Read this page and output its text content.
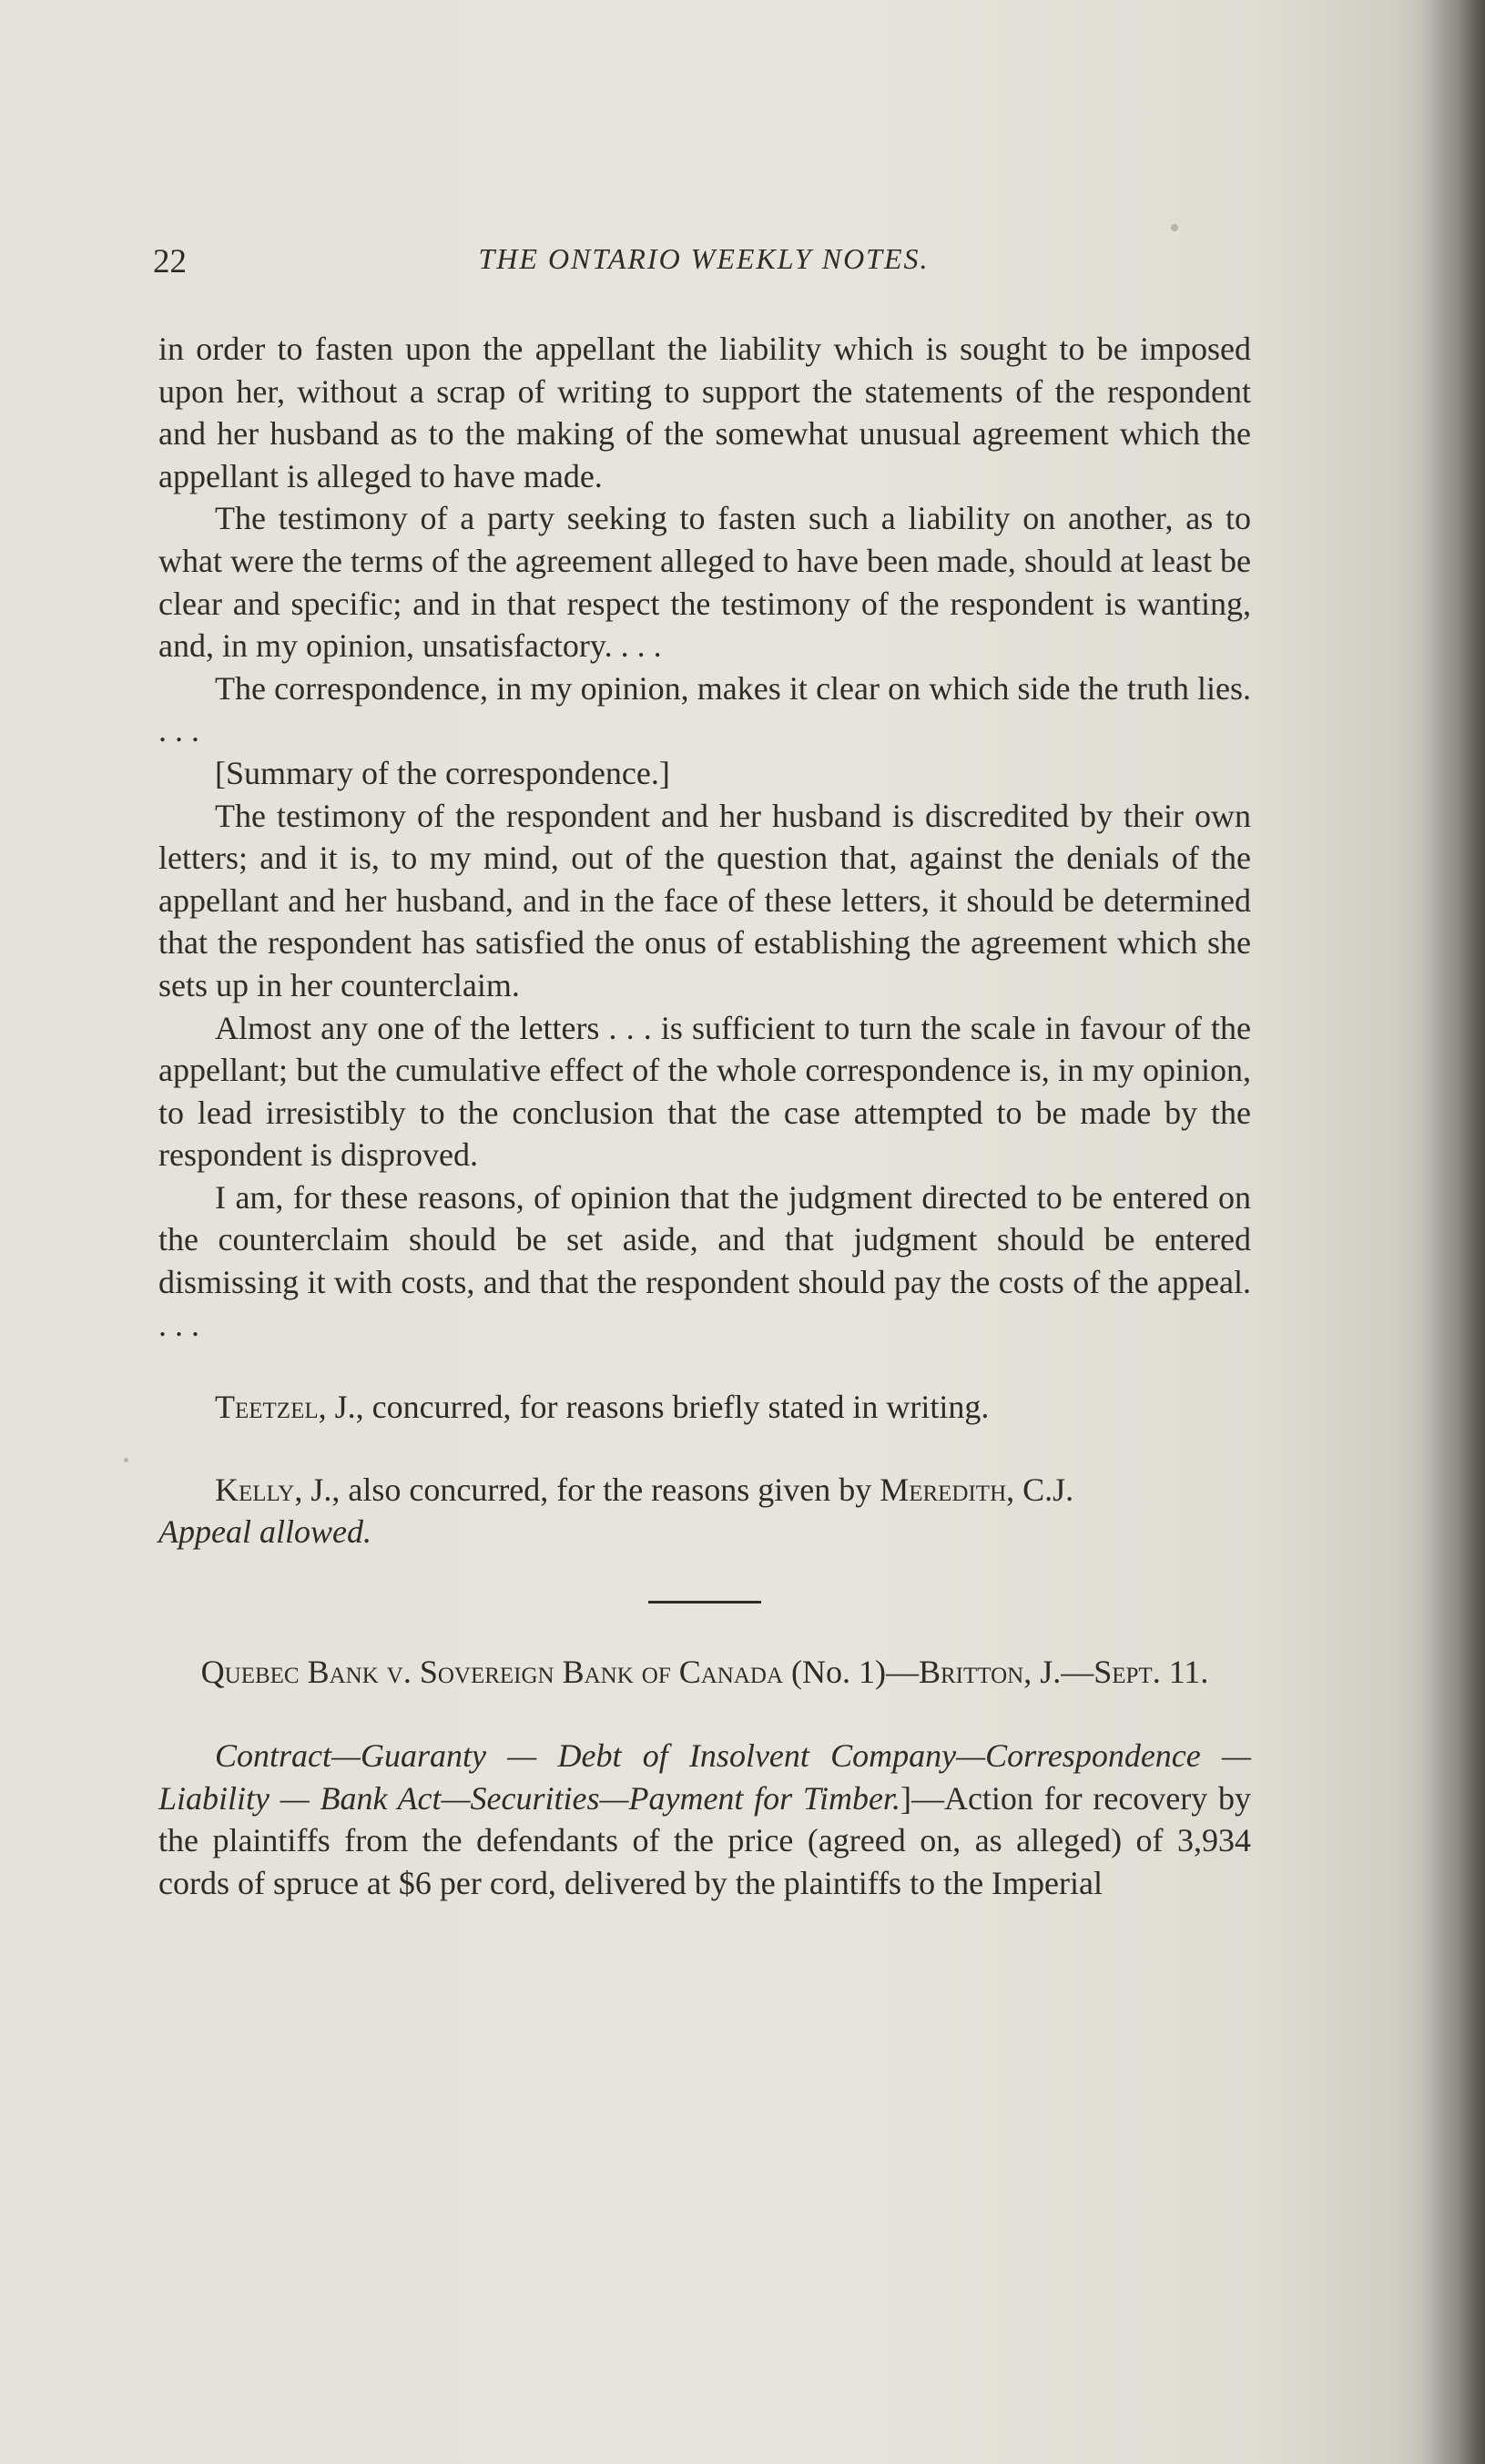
22	THE ONTARIO WEEKLY NOTES.

in order to fasten upon the appellant the liability which is sought to be imposed upon her, without a scrap of writing to support the statements of the respondent and her husband as to the making of the somewhat unusual agreement which the appellant is alleged to have made.

The testimony of a party seeking to fasten such a liability on another, as to what were the terms of the agreement alleged to have been made, should at least be clear and specific; and in that respect the testimony of the respondent is wanting, and, in my opinion, unsatisfactory. . . .

The correspondence, in my opinion, makes it clear on which side the truth lies. . . .

[Summary of the correspondence.]

The testimony of the respondent and her husband is discredited by their own letters; and it is, to my mind, out of the question that, against the denials of the appellant and her husband, and in the face of these letters, it should be determined that the respondent has satisfied the onus of establishing the agreement which she sets up in her counterclaim.

Almost any one of the letters . . . is sufficient to turn the scale in favour of the appellant; but the cumulative effect of the whole correspondence is, in my opinion, to lead irresistibly to the conclusion that the case attempted to be made by the respondent is disproved.

I am, for these reasons, of opinion that the judgment directed to be entered on the counterclaim should be set aside, and that judgment should be entered dismissing it with costs, and that the respondent should pay the costs of the appeal. . . .

Teetzel, J., concurred, for reasons briefly stated in writing.

Kelly, J., also concurred, for the reasons given by Meredith, C.J.

Appeal allowed.

Quebec Bank v. Sovereign Bank of Canada (No. 1)—Britton, J.—Sept. 11.

Contract—Guaranty — Debt of Insolvent Company—Correspondence — Liability — Bank Act—Securities—Payment for Timber.]—Action for recovery by the plaintiffs from the defendants of the price (agreed on, as alleged) of 3,934 cords of spruce at $6 per cord, delivered by the plaintiffs to the Imperial
